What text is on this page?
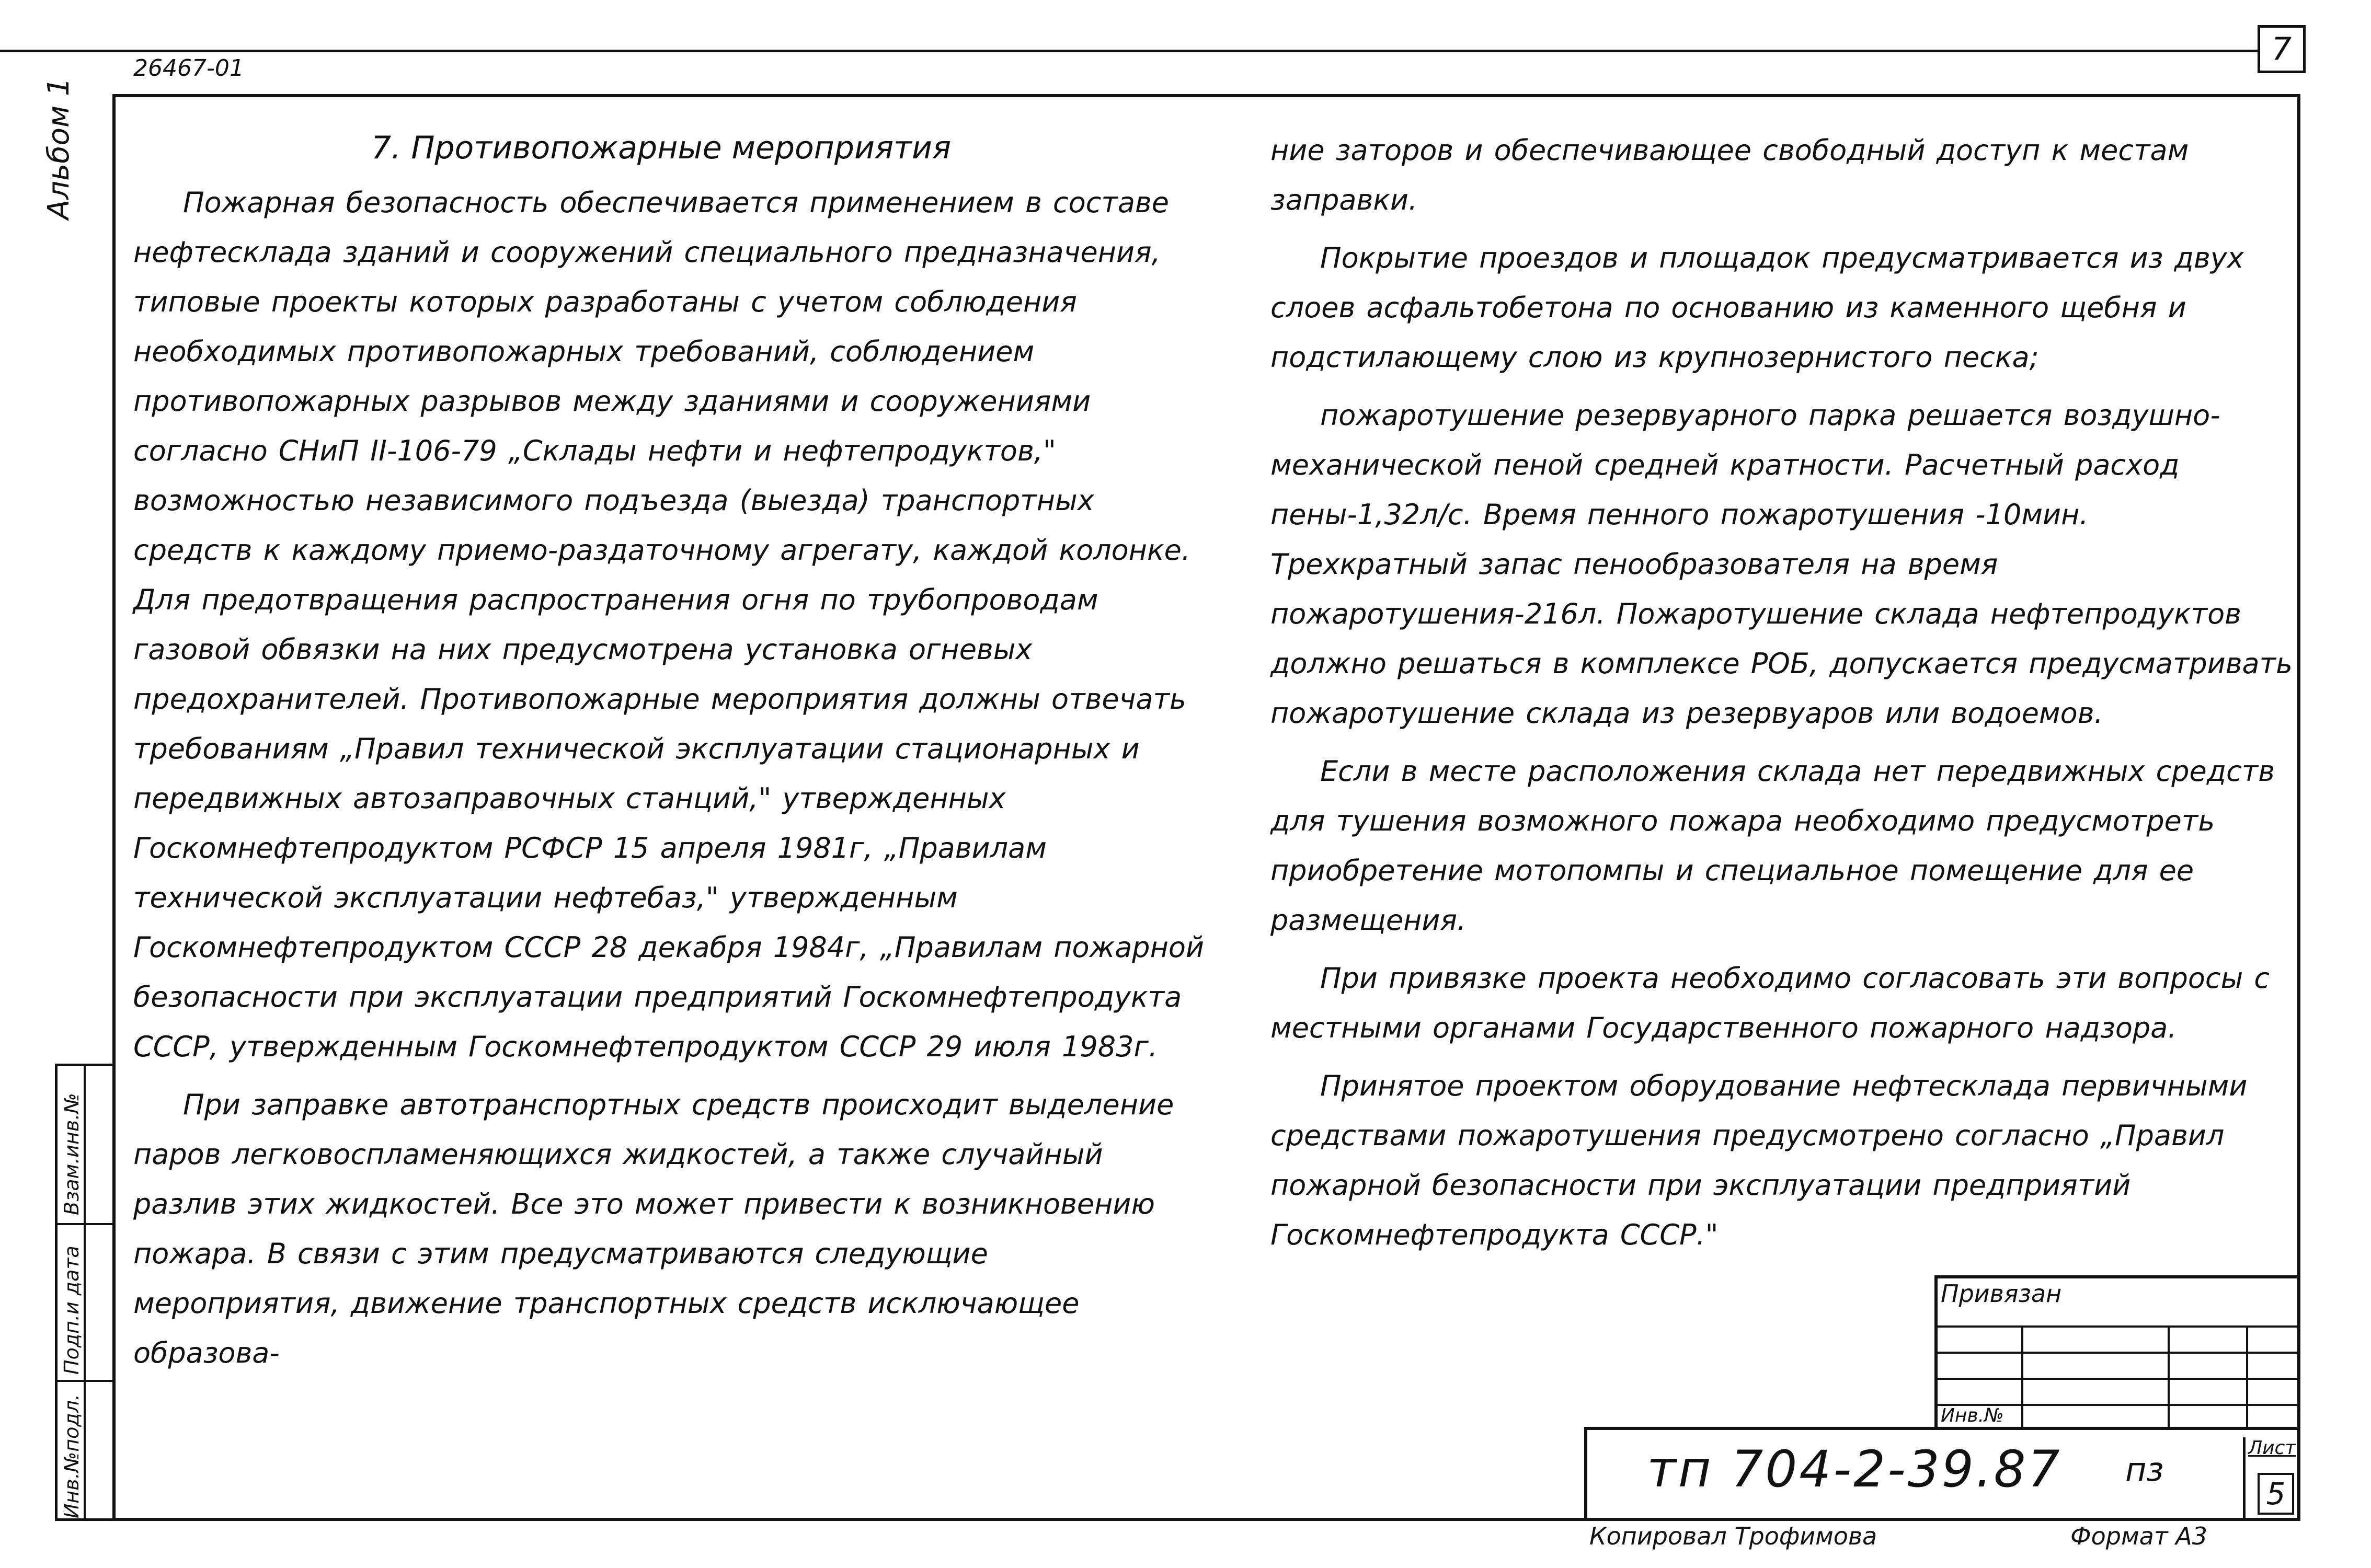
7
26467-01
Альбом 1
Инв.№подл.
Подп.и дата
Взам.инв.№
7. Противопожарные мероприятия

Пожарная безопасность обеспечивается применением в составе нефтесклада зданий и сооружений специального предназначения, типовые проекты которых разработаны с учетом соблюдения необходимых противопожарных требований, соблюдением противопожарных разрывов между зданиями и сооружениями согласно СНиП II-106-79 „Склады нефти и нефтепродуктов," возможностью независимого подъезда (выезда) транспортных средств к каждому приемо-раздаточному агрегату, каждой колонке. Для предотвращения распространения огня по трубопроводам газовой обвязки на них предусмотрена установка огневых предохранителей. Противопожарные мероприятия должны отвечать требованиям „Правил технической эксплуатации стационарных и передвижных автозаправочных станций," утвержденных Госкомнефтепродуктом РСФСР 15 апреля 1981г, „Правилам технической эксплуатации нефтебаз," утвержденным Госкомнефтепродуктом СССР 28 декабря 1984г, „Правилам пожарной безопасности при эксплуатации предприятий Госкомнефтепродукта СССР, утвержденным Госкомнефтепродуктом СССР 29 июля 1983г.

При заправке автотранспортных средств происходит выделение паров легковоспламеняющихся жидкостей, а также случайный разлив этих жидкостей. Все это может привести к возникновению пожара. В связи с этим предусматриваются следующие мероприятия, движение транспортных средств исключающее образова-

ние заторов и обеспечивающее свободный доступ к местам заправки.

Покрытие проездов и площадок предусматривается из двух слоев асфальтобетона по основанию из каменного щебня и подстилающему слою из крупнозернистого песка;

пожаротушение резервуарного парка решается воздушно-механической пеной средней кратности. Расчетный расход пены-1,32л/с. Время пенного пожаротушения -10мин. Трехкратный запас пенообразователя на время пожаротушения-216л. Пожаротушение склада нефтепродуктов должно решаться в комплексе РОБ, допускается предусматривать пожаротушение склада из резервуаров или водоемов.

Если в месте расположения склада нет передвижных средств для тушения возможного пожара необходимо предусмотреть приобретение мотопомпы и специальное помещение для ее размещения.

При привязке проекта необходимо согласовать эти вопросы с местными органами Государственного пожарного надзора.

Принятое проектом оборудование нефтесклада первичными средствами пожаротушения предусмотрено согласно „Правил пожарной безопасности при эксплуатации предприятий Госкомнефтепродукта СССР."

Привязан
Инв.№
тп 704-2-39.87 пз
Лист
5
Копировал Трофимова	Формат А3
